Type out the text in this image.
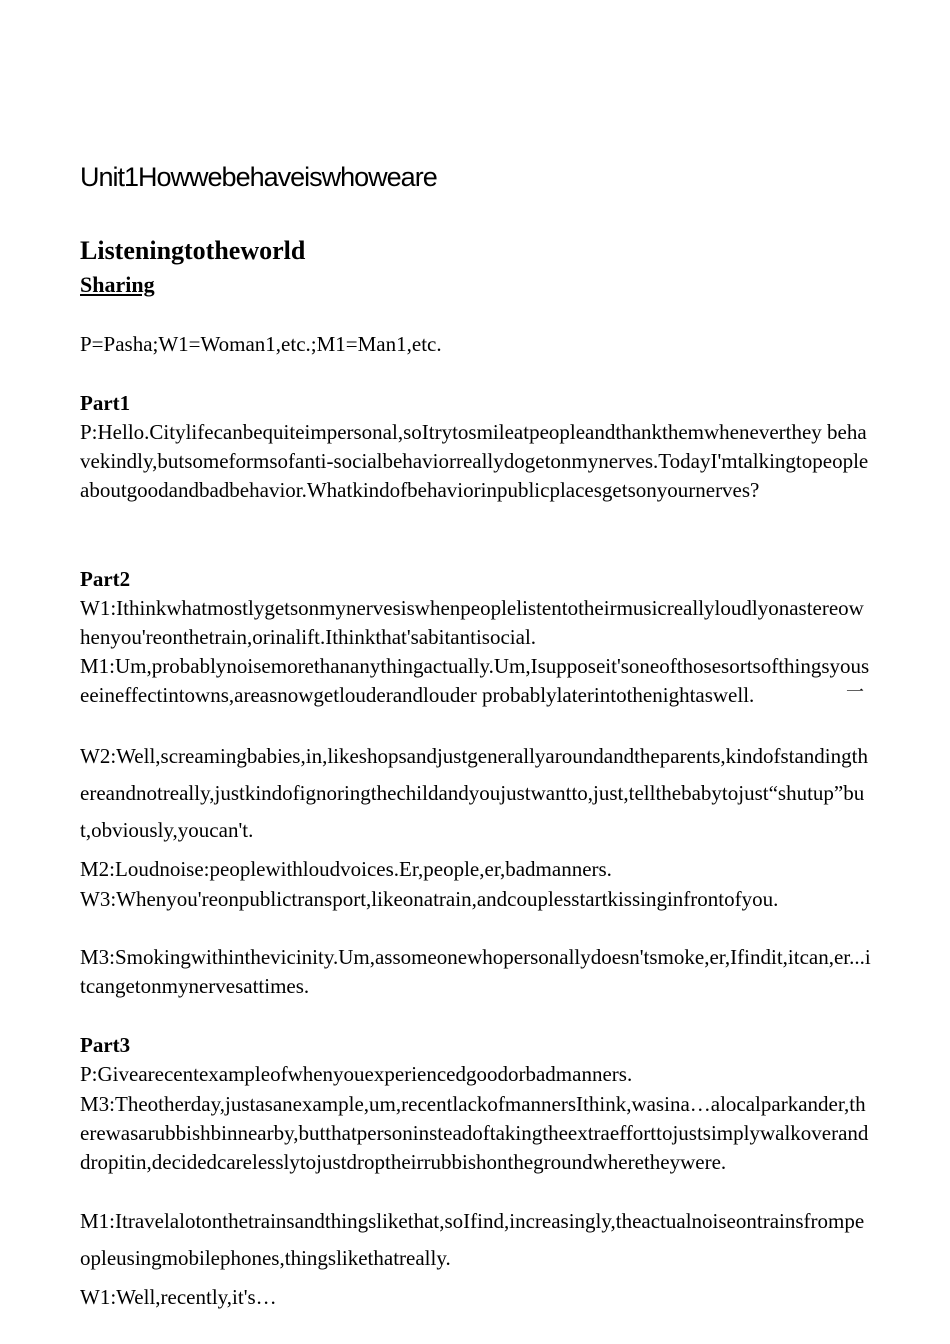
Unit1Howwebehaveiswhoweare
Listeningtotheworld
Sharing
P=Pasha;W1=Woman1,etc.;M1=Man1,etc.
Part1
P:Hello.Citylifecanbequiteimpersonal,soItrytosmileatpeopleandthankthemwheneverthey behavekindly,butsomeformsofanti-socialbehaviorreallydogetonmynerves.TodayI'mtalkingtopeopleaboutgoodandbadbehavior.Whatkindofbehaviorinpublicplacesgetsonyournerves?
Part2
W1:Ithinkwhatmostlygetsonmynervesiswhenpeoplelistentotheirmusicreallyloudlyonastereowhenyou'reonthetrain,orinalift.Ithinkthat'sabitantisocial.
M1:Um,probablynoisemorethananythingactually.Um,Isupposeit'soneofthosesortsofthingsyouseeineffectintowns,areasnowgetlouderandlouder probablylaterintothenightaswell.	一
W2:Well,screamingbabies,in,likeshopsandjustgenerallyaroundandtheparents,kindofstandingthereandnotreally,justkindofignoringthechildandyoujustwantto,just,tellthebabytojust“shutup”but,obviously,youcan't.
M2:Loudnoise:peoplewithloudvoices.Er,people,er,badmanners.
W3:Whenyou'reonpublictransport,likeonatrain,andcouplesstartkissinginfrontofyou.
M3:Smokingwithinthevicinity.Um,assomeonewhopersonallydoesn'tsmoke,er,Ifindit,itcan,er...itcangetonmynervesattimes.
Part3
P:Givearecentexampleofwhenyouexperiencedgoodorbadmanners.
M3:Theotherday,justasanexample,um,recentlackofmannersIthink,wasina…alocalparkander,therewasarubbishbinnearby,butthatpersoninsteadoftakingtheextraefforttojustsimplywalkoveranddropitin,decidedcarelesslytojustdroptheirrubbishonthegroundwheretheywere.
M1:Itravelalotonthetrainsandthingslikethat,soIfind,increasingly,theactualnoiseontrainsfrompeopleusingmobilephones,thingslikethatreally.
W1:Well,recently,it's…
